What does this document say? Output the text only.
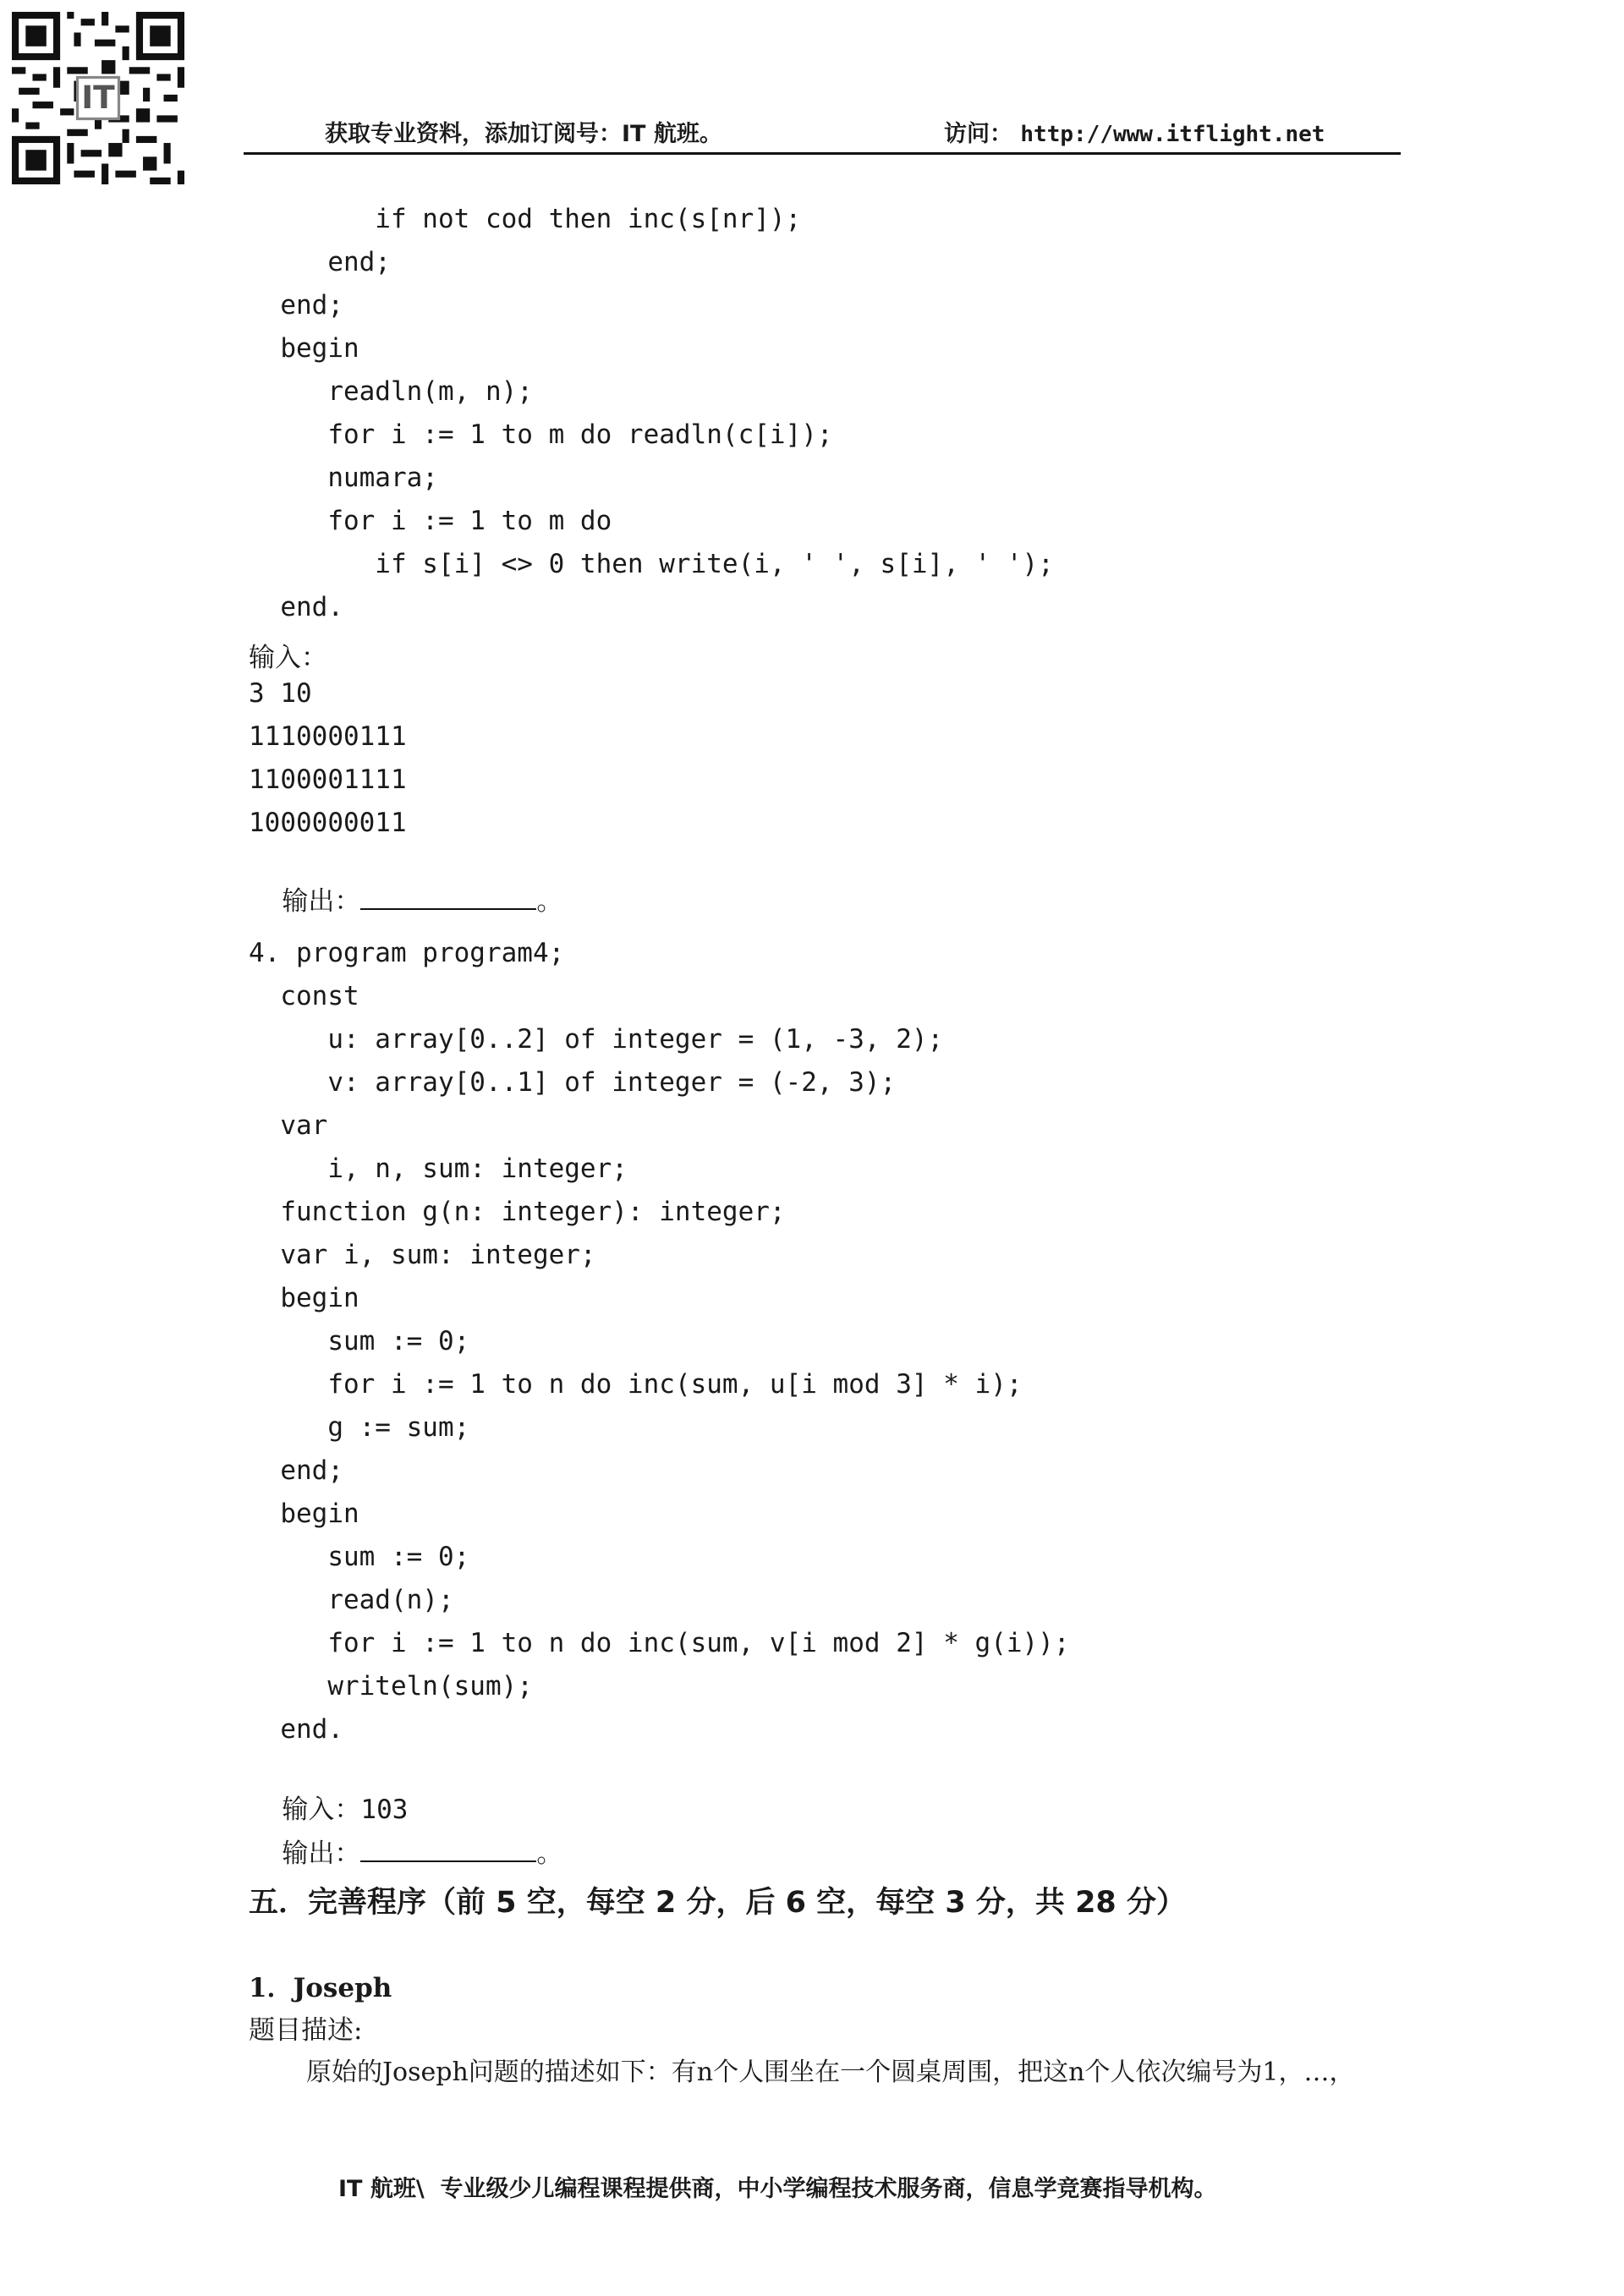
IT
获取专业资料，添加订阅号：IT 航班。	访问： http://www.itflight.net
if not cod then inc(s[nr]);
end;
end;
begin
readln(m, n);
for i := 1 to m do readln(c[i]);
numara;
for i := 1 to m do
if s[i] <> 0 then write(i, ' ', s[i], ' ');
end.
输入：
3 10
1110000111
1100001111
1000000011

输出：	。

4. program program4;
const
u: array[0..2] of integer = (1, -3, 2);
v: array[0..1] of integer = (-2, 3);
var
i, n, sum: integer;
function g(n: integer): integer;
var i, sum: integer;
begin
sum := 0;
for i := 1 to n do inc(sum, u[i mod 3] * i);
g := sum;
end;
begin
sum := 0;
read(n);
for i := 1 to n do inc(sum, v[i mod 2] * g(i));
writeln(sum);
end.

输入：103

输出：	。

五．完善程序（前 5 空，每空 2 分，后 6 空，每空 3 分，共 28 分）
1．Joseph
题目描述:
原始的Joseph问题的描述如下：有n个人围坐在一个圆桌周围，把这n个人依次编号为1，…，
IT 航班\  专业级少儿编程课程提供商，中小学编程技术服务商，信息学竞赛指导机构。
